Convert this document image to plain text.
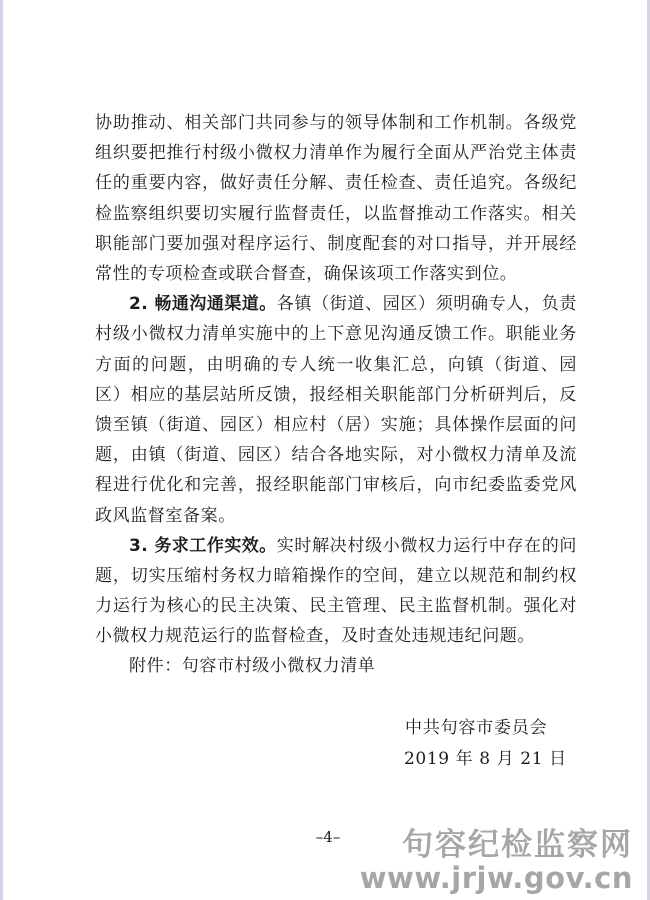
协助推动、相关部门共同参与的领导体制和工作机制。各级党组织要把推行村级小微权力清单作为履行全面从严治党主体责任的重要内容，做好责任分解、责任检查、责任追究。各级纪检监察组织要切实履行监督责任，以监督推动工作落实。相关职能部门要加强对程序运行、制度配套的对口指导，并开展经常性的专项检查或联合督查，确保该项工作落实到位。

2. 畅通沟通渠道。各镇（街道、园区）须明确专人，负责村级小微权力清单实施中的上下意见沟通反馈工作。职能业务方面的问题，由明确的专人统一收集汇总，向镇（街道、园区）相应的基层站所反馈，报经相关职能部门分析研判后，反馈至镇（街道、园区）相应村（居）实施；具体操作层面的问题，由镇（街道、园区）结合各地实际，对小微权力清单及流程进行优化和完善，报经职能部门审核后，向市纪委监委党风政风监督室备案。

3. 务求工作实效。实时解决村级小微权力运行中存在的问题，切实压缩村务权力暗箱操作的空间，建立以规范和制约权力运行为核心的民主决策、民主管理、民主监督机制。强化对小微权力规范运行的监督检查，及时查处违规违纪问题。

附件：句容市村级小微权力清单
中共句容市委员会
2019 年 8 月 21 日
–4–	句容纪检监察网
www.jrjw.gov.cn
